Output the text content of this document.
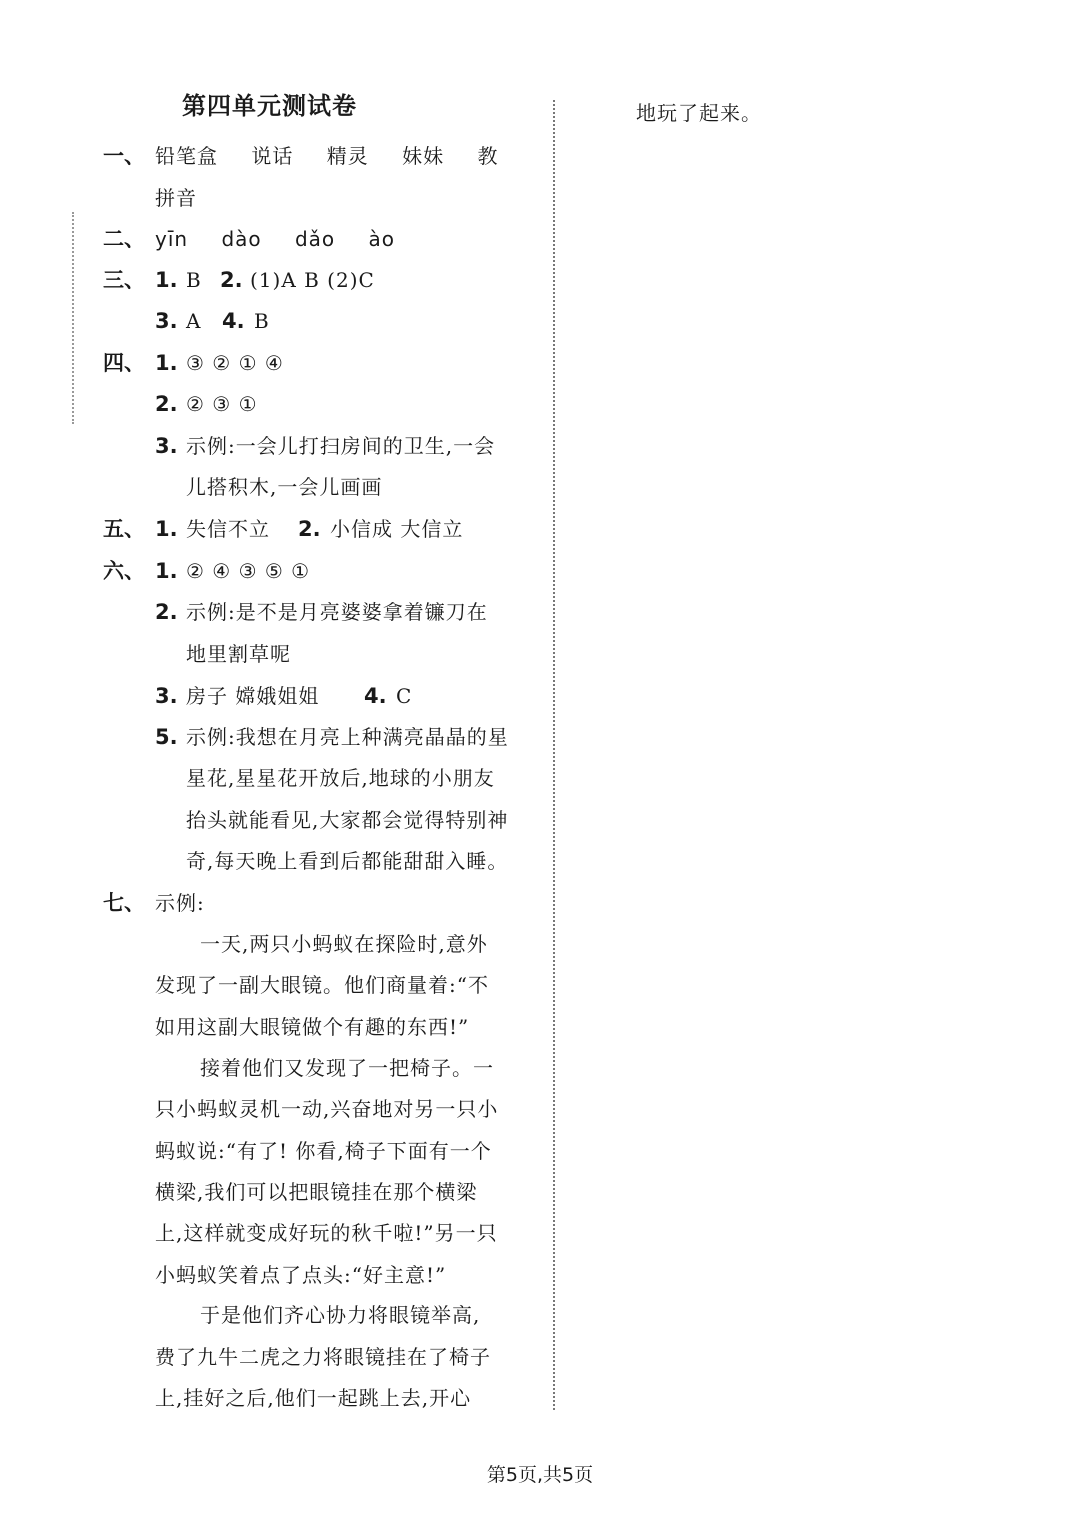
第四单元测试卷
一、 铅笔盒 说话 精灵 妹妹 教
拼音
二、 yīn dào dǎo ào
三、 1. B 2. (1)A B (2)C
3. A 4. B
四、 1. ③ ② ① ④
2. ② ③ ①
3. 示例:一会儿打扫房间的卫生,一会
儿搭积木,一会儿画画
五、 1. 失信不立 2. 小信成 大信立
六、 1. ② ④ ③ ⑤ ①
2. 示例:是不是月亮婆婆拿着镰刀在
地里割草呢
3. 房子 嫦娥姐姐 4. C
5. 示例:我想在月亮上种满亮晶晶的星
星花,星星花开放后,地球的小朋友
抬头就能看见,大家都会觉得特别神
奇,每天晚上看到后都能甜甜入睡。
七、 示例:
一天,两只小蚂蚁在探险时,意外
发现了一副大眼镜。他们商量着:“不
如用这副大眼镜做个有趣的东西!”
接着他们又发现了一把椅子。一
只小蚂蚁灵机一动,兴奋地对另一只小
蚂蚁说:“有了! 你看,椅子下面有一个
横梁,我们可以把眼镜挂在那个横梁
上,这样就变成好玩的秋千啦!”另一只
小蚂蚁笑着点了点头:“好主意!”
于是他们齐心协力将眼镜举高,
费了九牛二虎之力将眼镜挂在了椅子
上,挂好之后,他们一起跳上去,开心
地玩了起来。
第5页,共5页
